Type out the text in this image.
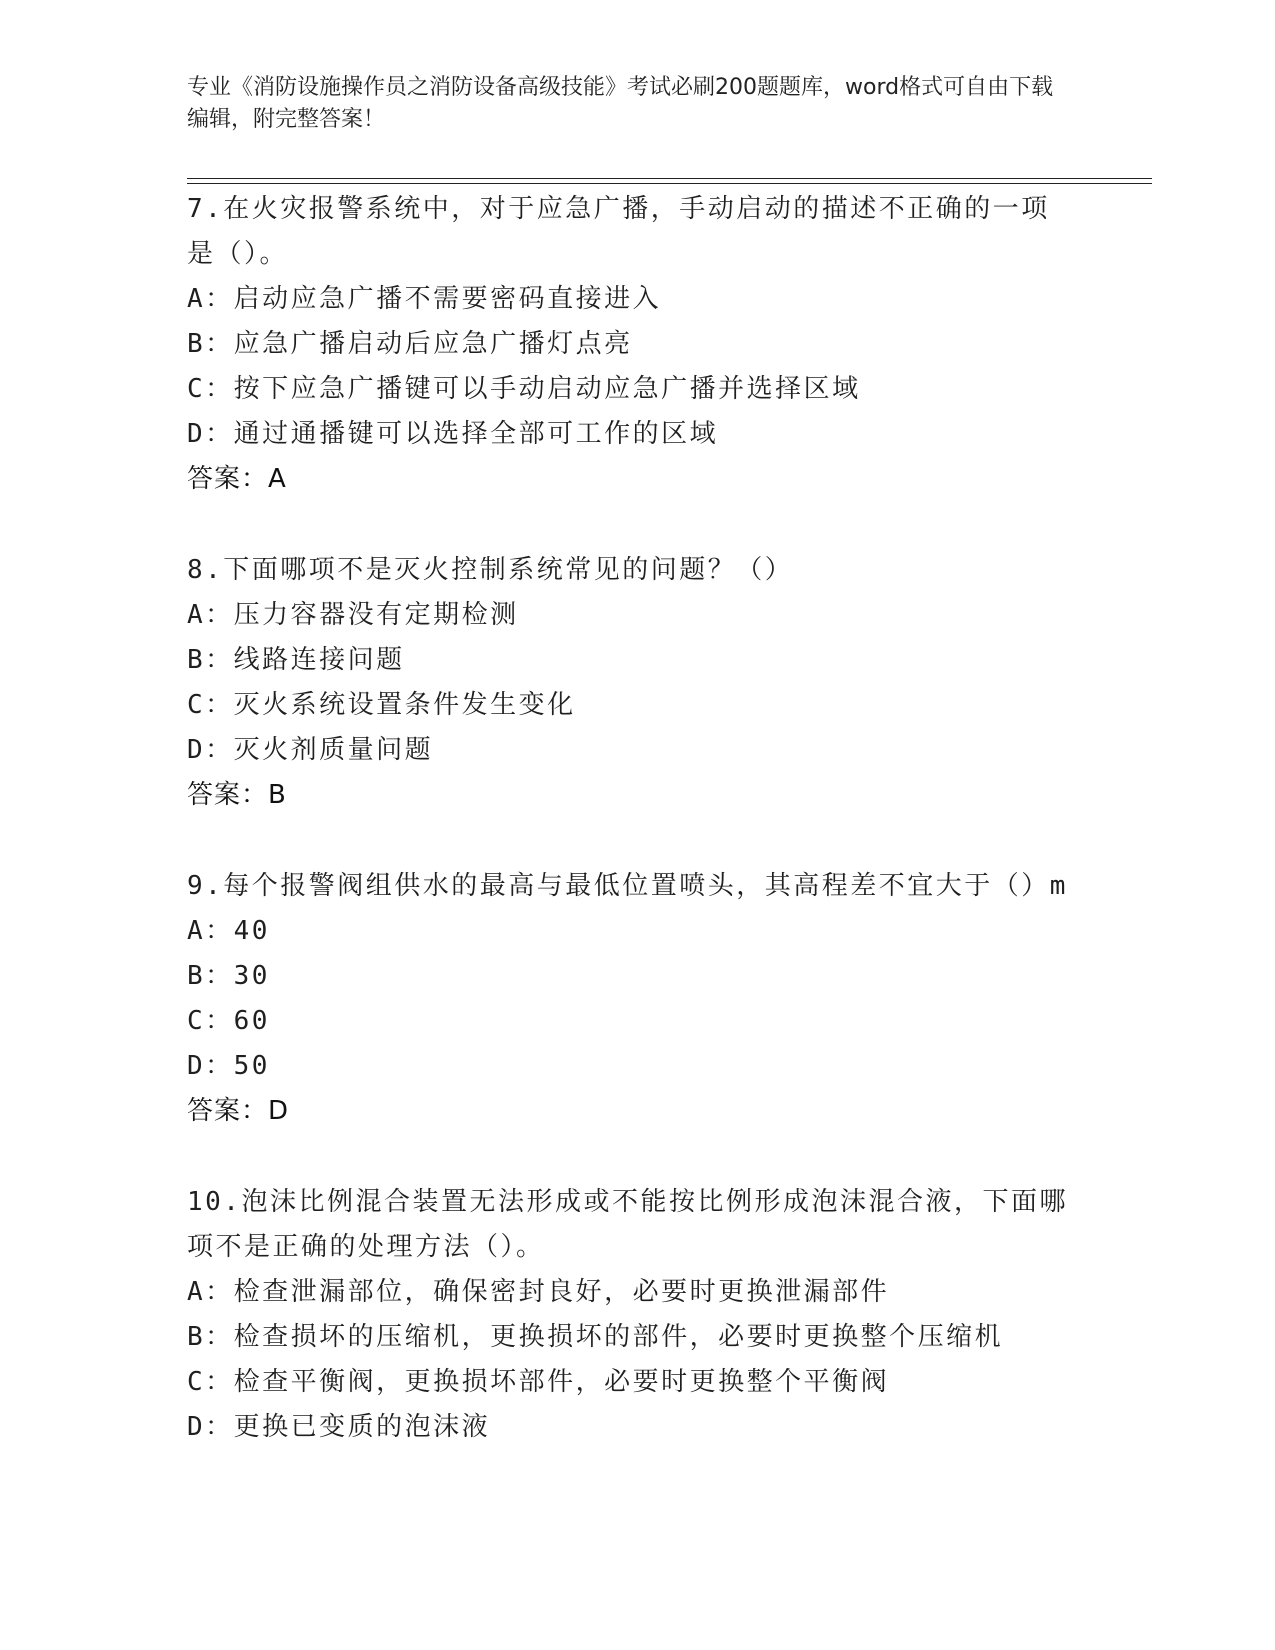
专业《消防设施操作员之消防设备高级技能》考试必刷200题题库，word格式可自由下载编辑，附完整答案！
7.在火灾报警系统中，对于应急广播，手动启动的描述不正确的一项
是（）。
A：启动应急广播不需要密码直接进入
B：应急广播启动后应急广播灯点亮
C：按下应急广播键可以手动启动应急广播并选择区域
D：通过通播键可以选择全部可工作的区域
答案：A
8.下面哪项不是灭火控制系统常见的问题？（）
A：压力容器没有定期检测
B：线路连接问题
C：灭火系统设置条件发生变化
D：灭火剂质量问题
答案：B
9.每个报警阀组供水的最高与最低位置喷头，其高程差不宜大于（）m
A：40
B：30
C：60
D：50
答案：D
10.泡沫比例混合装置无法形成或不能按比例形成泡沫混合液，下面哪
项不是正确的处理方法（）。
A：检查泄漏部位，确保密封良好，必要时更换泄漏部件
B：检查损坏的压缩机，更换损坏的部件，必要时更换整个压缩机
C：检查平衡阀，更换损坏部件，必要时更换整个平衡阀
D：更换已变质的泡沫液
